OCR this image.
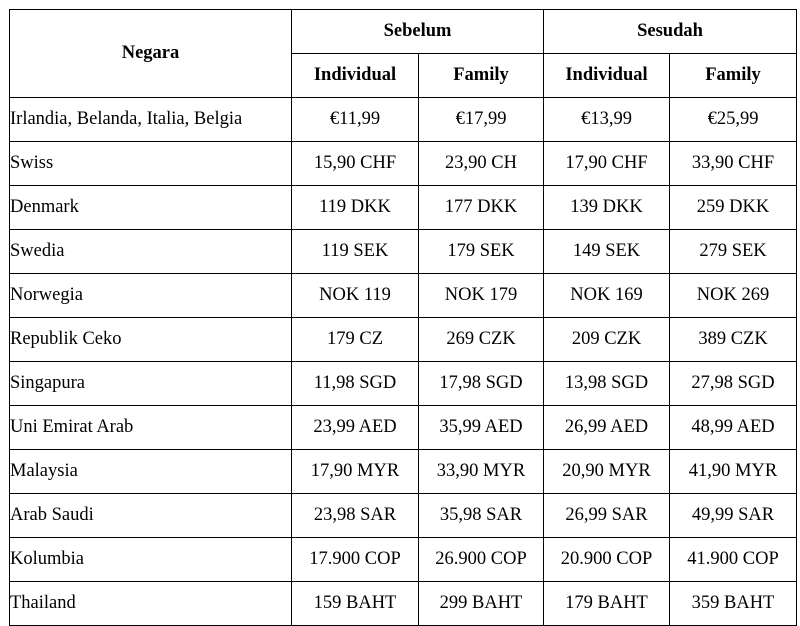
Negara	Sebelum		Sesudah	
	Individual	Family	Individual	Family
Irlandia, Belanda, Italia, Belgia	€11,99	€17,99	€13,99	€25,99
Swiss	15,90 CHF	23,90 CH	17,90 CHF	33,90 CHF
Denmark	119 DKK	177 DKK	139 DKK	259 DKK
Swedia	119 SEK	179 SEK	149 SEK	279 SEK
Norwegia	NOK 119	NOK 179	NOK 169	NOK 269
Republik Ceko	179 CZ	269 CZK	209 CZK	389 CZK
Singapura	11,98 SGD	17,98 SGD	13,98 SGD	27,98 SGD
Uni Emirat Arab	23,99 AED	35,99 AED	26,99 AED	48,99 AED
Malaysia	17,90 MYR	33,90 MYR	20,90 MYR	41,90 MYR
Arab Saudi	23,98 SAR	35,98 SAR	26,99 SAR	49,99 SAR
Kolumbia	17.900 COP	26.900 COP	20.900 COP	41.900 COP
Thailand	159 BAHT	299 BAHT	179 BAHT	359 BAHT
